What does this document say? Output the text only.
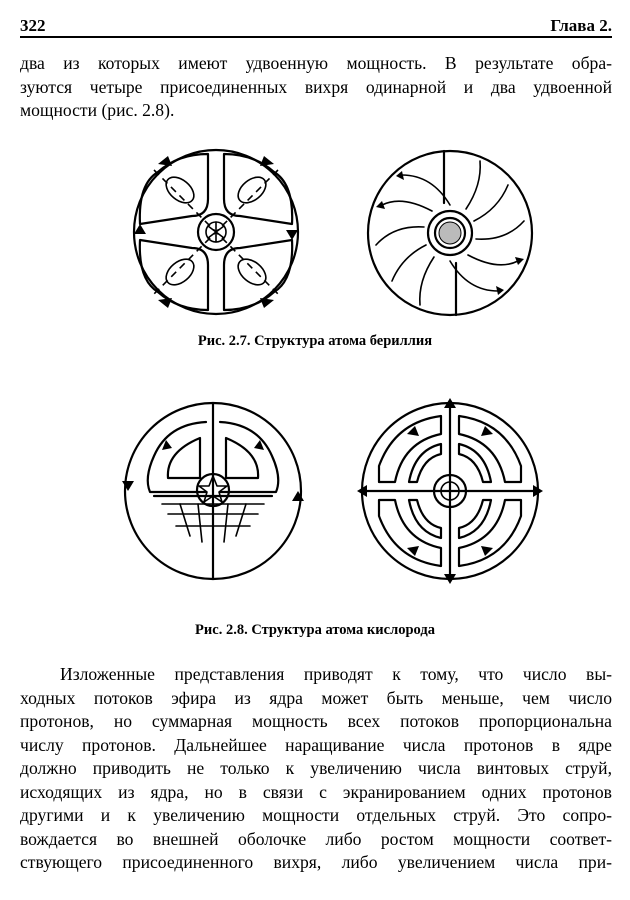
322	Глава 2.
два из которых имеют удвоенную мощность. В результате обра-
зуются четыре присоединенных вихря одинарной и два удвоенной
мощности (рис. 2.8).
Рис. 2.7. Структура атома бериллия
Рис. 2.8. Структура атома кислорода
Изложенные представления приводят к тому, что число вы-
ходных потоков эфира из ядра может быть меньше, чем число
протонов, но суммарная мощность всех потоков пропорциональна
числу протонов. Дальнейшее наращивание числа протонов в ядре
должно приводить не только к увеличению числа винтовых струй,
исходящих из ядра, но в связи с экранированием одних протонов
другими и к увеличению мощности отдельных струй. Это сопро-
вождается во внешней оболочке либо ростом мощности соответ-
ствующего присоединенного вихря, либо увеличением числа при-
